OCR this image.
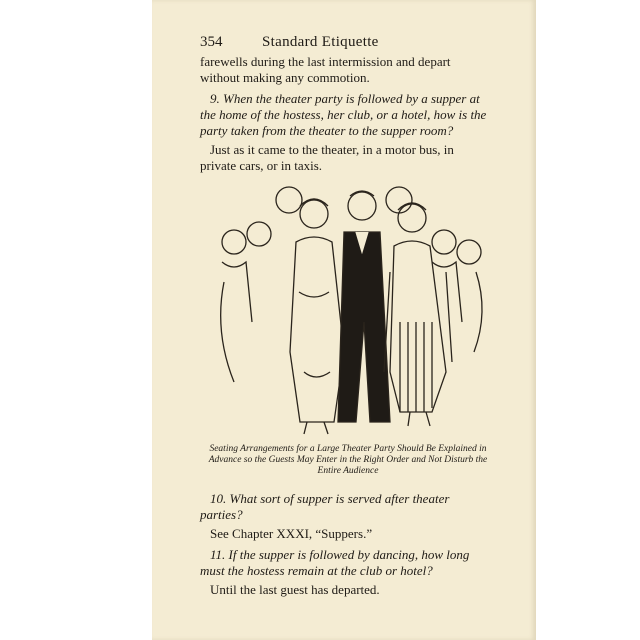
354	Standard Etiquette

farewells during the last intermission and depart without making any commotion.

9. When the theater party is followed by a supper at the home of the hostess, her club, or a hotel, how is the party taken from the theater to the supper room?

Just as it came to the theater, in a motor bus, in private cars, or in taxis.

Seating Arrangements for a Large Theater Party Should Be Explained in Advance so the Guests May Enter in the Right Order and Not Disturb the Entire Audience

10. What sort of supper is served after theater parties?

See Chapter XXXI, “Suppers.”

11. If the supper is followed by dancing, how long must the hostess remain at the club or hotel?

Until the last guest has departed.
